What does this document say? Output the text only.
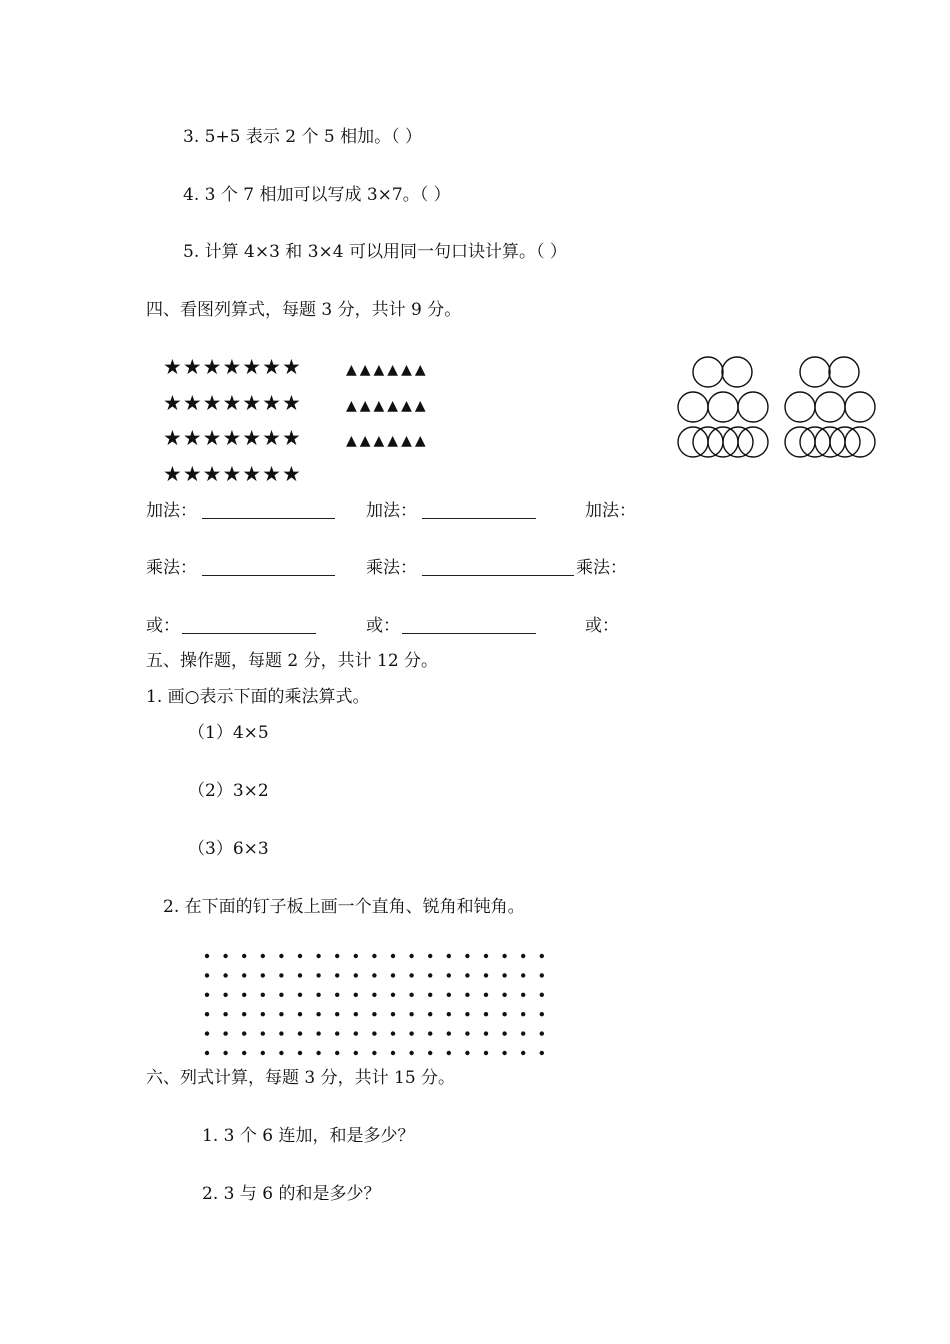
3. 5+5 表示 2 个 5 相加。（ ）
4. 3 个 7 相加可以写成 3×7。（ ）
5. 计算 4×3 和 3×4 可以用同一句口诀计算。（ ）
四、看图列算式，每题 3 分，共计 9 分。
★★★★★★★
★★★★★★★
★★★★★★★
★★★★★★★
▲▲▲▲▲▲
▲▲▲▲▲▲
▲▲▲▲▲▲
加法：	加法：	加法：
乘法：	乘法：	乘法：
或：	或：	或：
五、操作题，每题 2 分，共计 12 分。
1. 画○表示下面的乘法算式。
（1）4×5
（2）3×2
（3）6×3
2. 在下面的钉子板上画一个直角、锐角和钝角。
六、列式计算，每题 3 分，共计 15 分。
1. 3 个 6 连加，和是多少？
2. 3 与 6 的和是多少？
